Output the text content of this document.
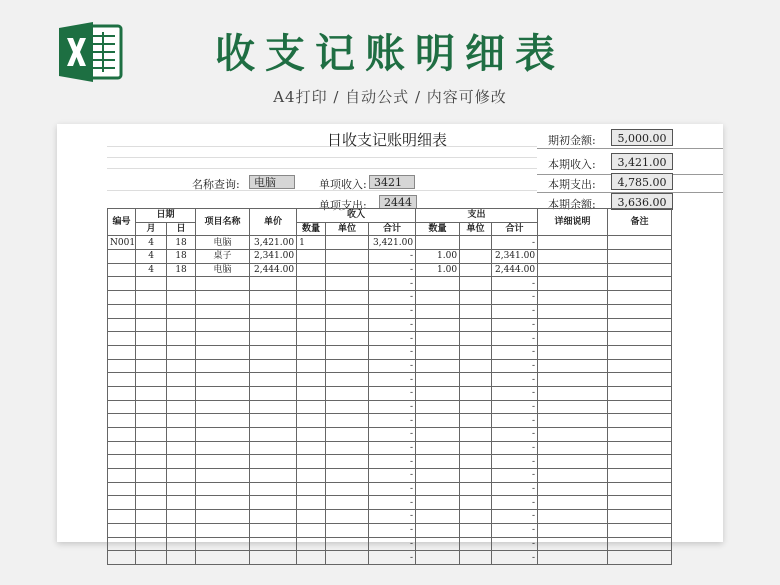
收支记账明细表
A4打印 / 自动公式 / 内容可修改
日收支记账明细表
名称查询:	电脑	单项收入: 3421
单项支出:	2444
期初金额:	5,000.00
本期收入:	3,421.00
本期支出:	4,785.00
本期余额:	3,636.00
编号	日期		项目名称	单价	收入			支出			详细说明	备注
	月	日			数量	单位	合计	数量	单位	合计		
N001	4	18	电脑	3,421.00	1		3,421.00			-		
	4	18	桌子	2,341.00			-	1.00		2,341.00		
	4	18	电脑	2,444.00			-	1.00		2,444.00		
							-			-		
							-			-		
							-			-		
							-			-		
							-			-		
							-			-		
							-			-		
							-			-		
							-			-		
							-			-		
							-			-		
							-			-		
							-			-		
							-			-		
							-			-		
							-			-		
							-			-		
							-			-		
							-			-		
							-			-		
							-			-		
